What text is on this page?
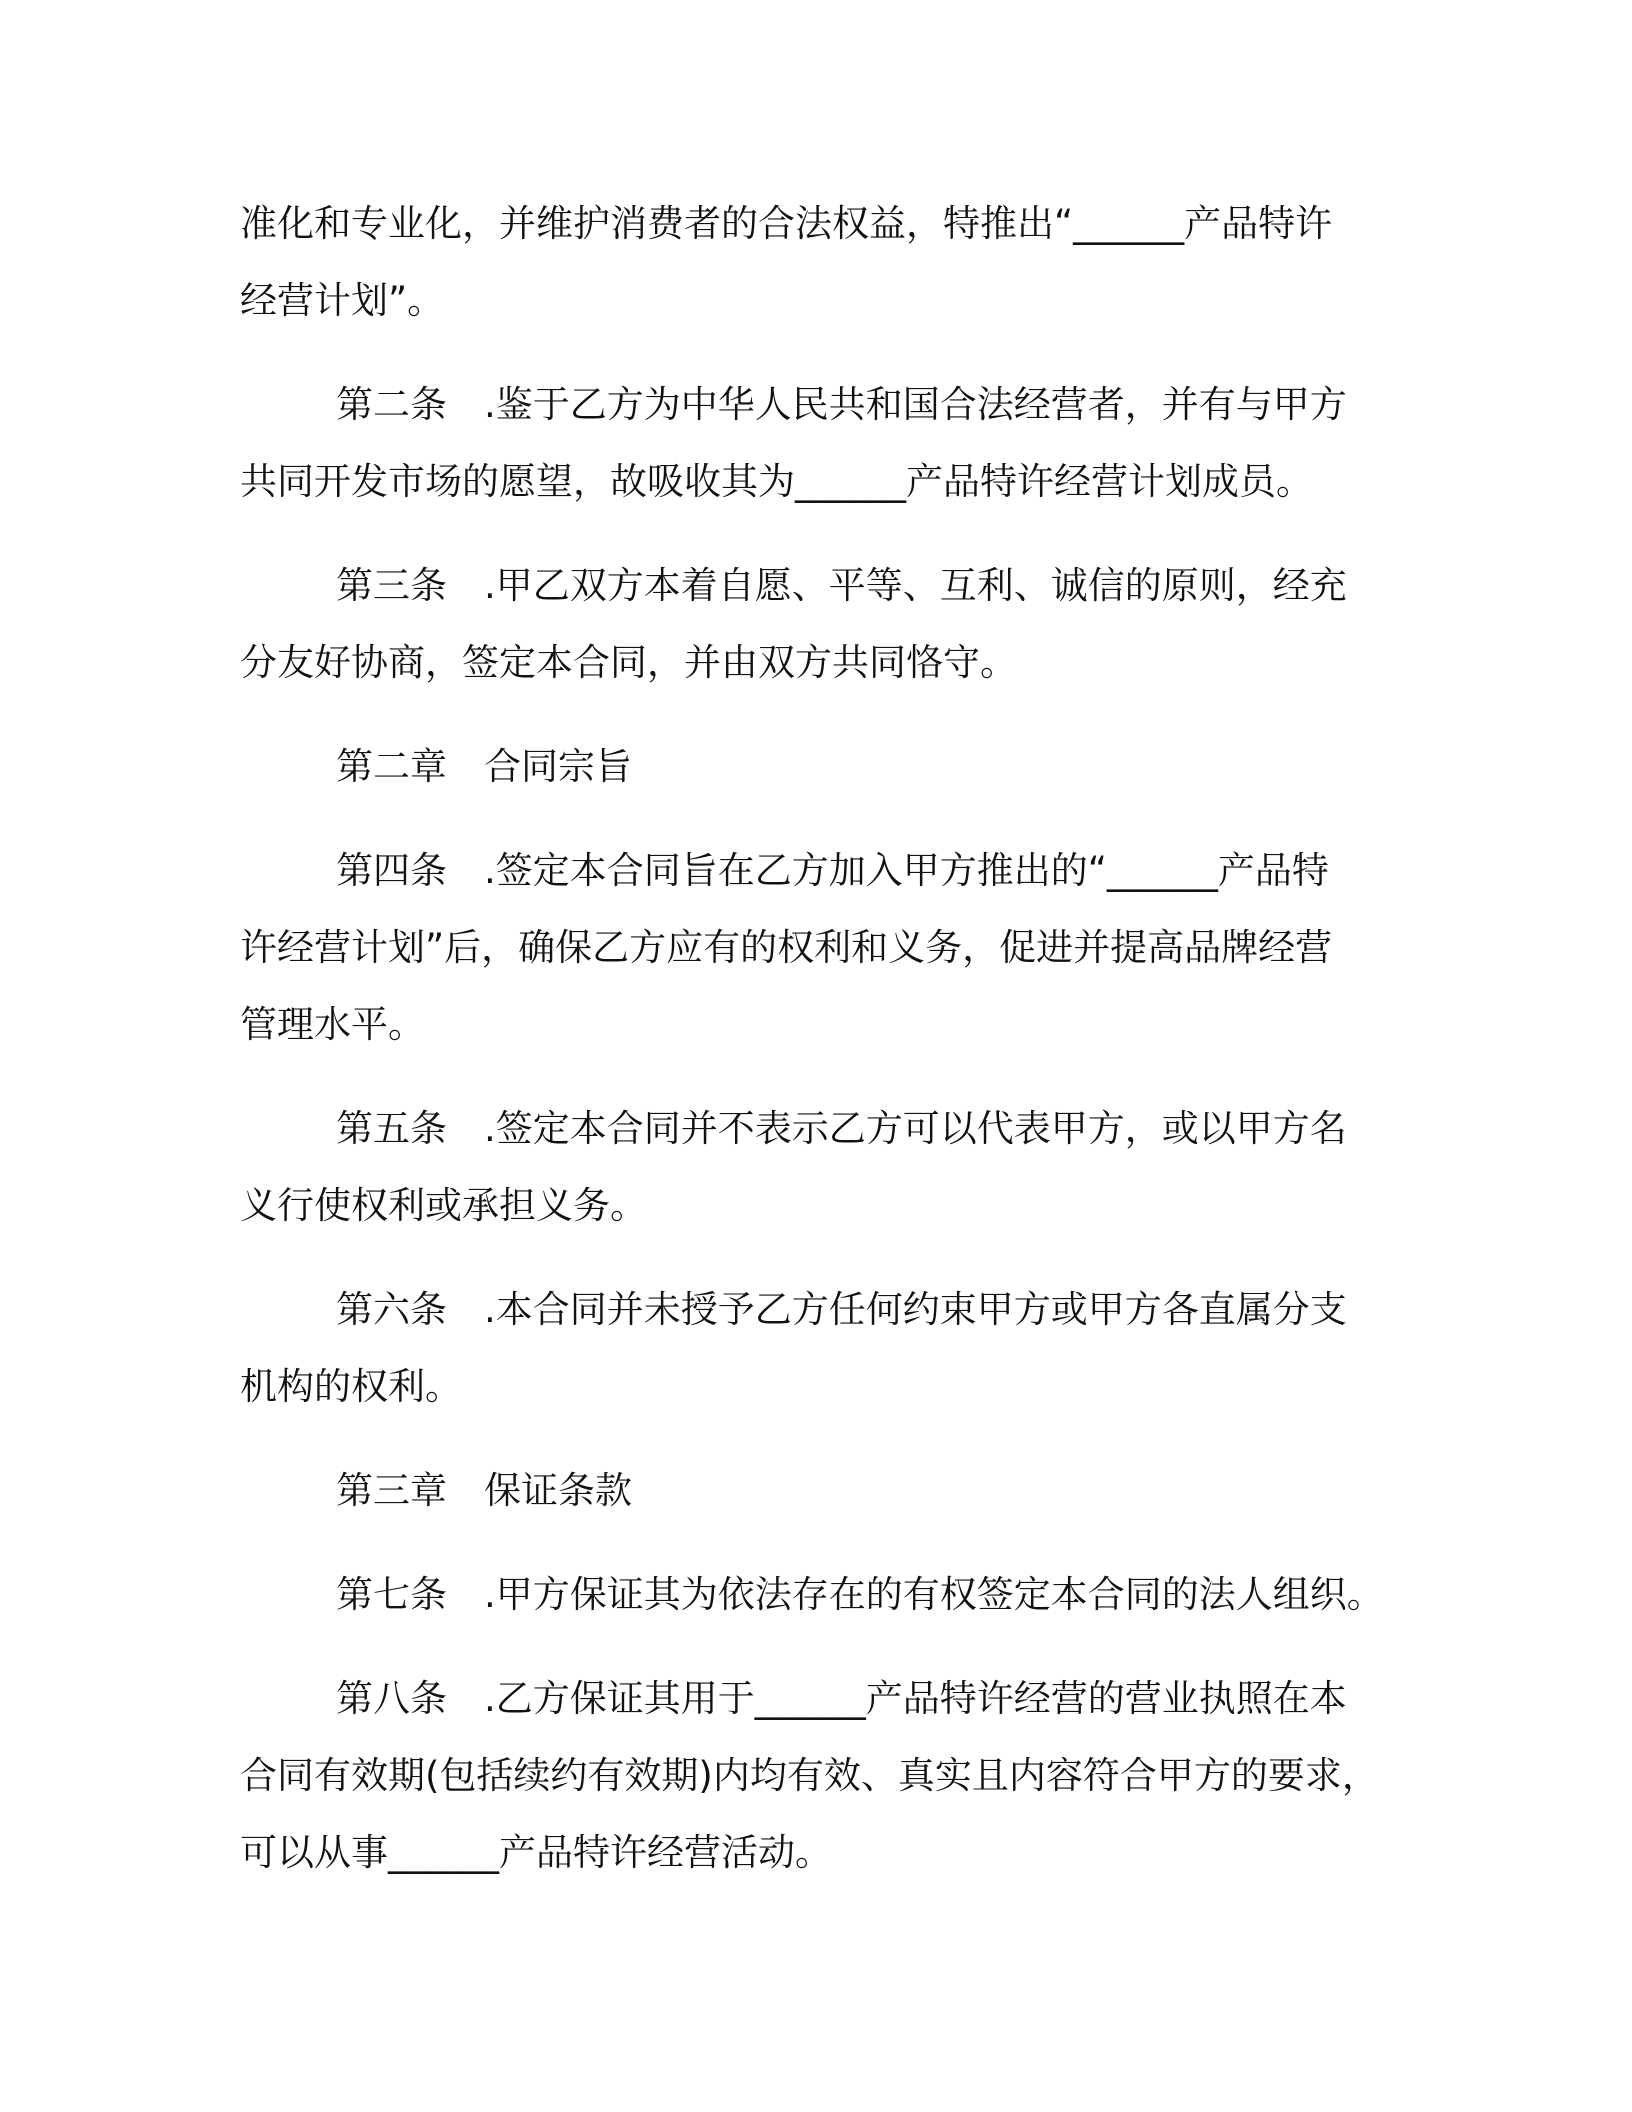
准化和专业化，并维护消费者的合法权益，特推出“______产品特许
经营计划”。
第二条 .鉴于乙方为中华人民共和国合法经营者，并有与甲方
共同开发市场的愿望，故吸收其为______产品特许经营计划成员。
第三条 .甲乙双方本着自愿、平等、互利、诚信的原则，经充
分友好协商，签定本合同，并由双方共同恪守。
第二章 合同宗旨
第四条 .签定本合同旨在乙方加入甲方推出的“______产品特
许经营计划”后，确保乙方应有的权利和义务，促进并提高品牌经营
管理水平。
第五条 .签定本合同并不表示乙方可以代表甲方，或以甲方名
义行使权利或承担义务。
第六条 .本合同并未授予乙方任何约束甲方或甲方各直属分支
机构的权利。
第三章 保证条款
第七条 .甲方保证其为依法存在的有权签定本合同的法人组织。
第八条 .乙方保证其用于______产品特许经营的营业执照在本
合同有效期(包括续约有效期)内均有效、真实且内容符合甲方的要求，
可以从事______产品特许经营活动。
